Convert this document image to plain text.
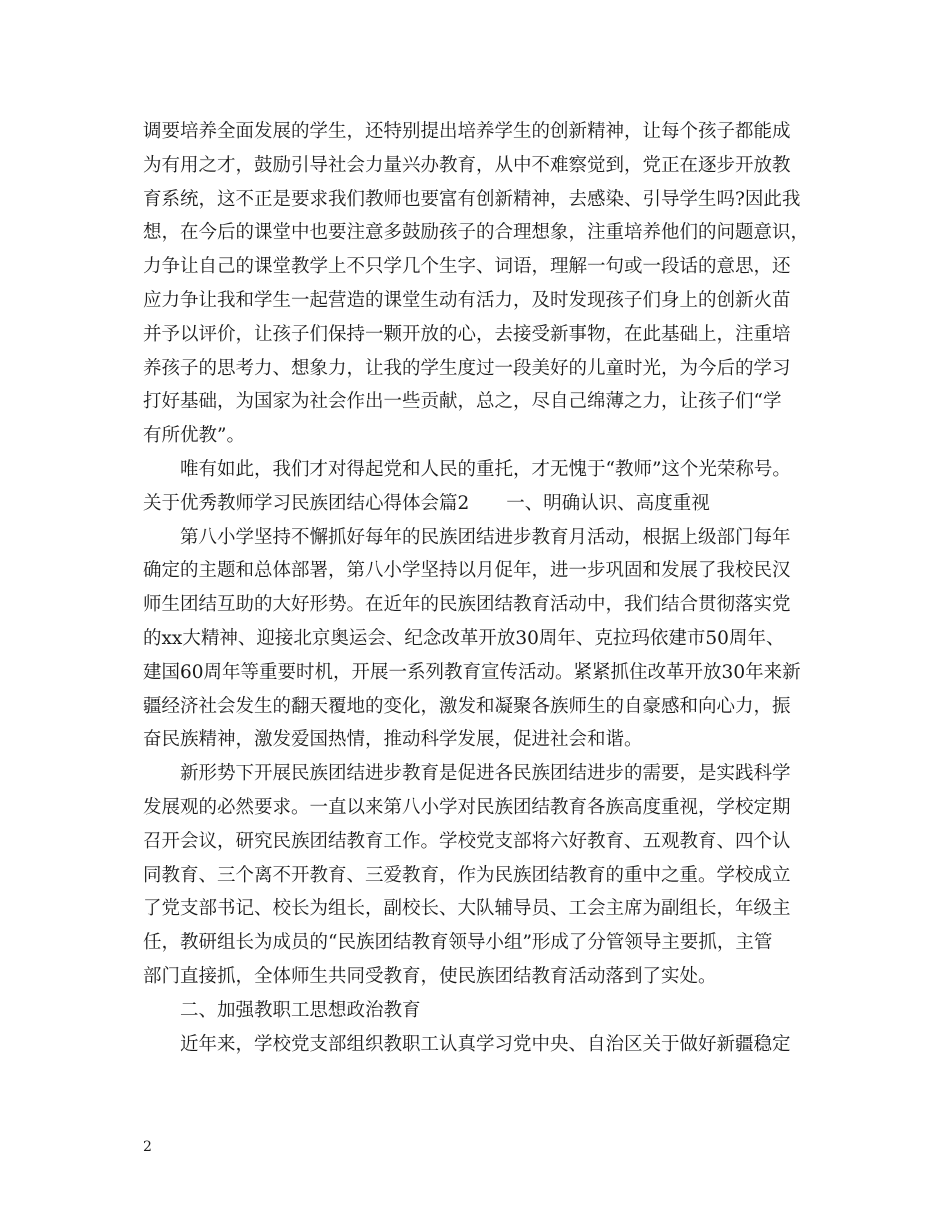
调要培养全面发展的学生，还特别提出培养学生的创新精神，让每个孩子都能成
为有用之才，鼓励引导社会力量兴办教育，从中不难察觉到，党正在逐步开放教
育系统，这不正是要求我们教师也要富有创新精神，去感染、引导学生吗?因此我
想，在今后的课堂中也要注意多鼓励孩子的合理想象，注重培养他们的问题意识，
力争让自己的课堂教学上不只学几个生字、词语，理解一句或一段话的意思，还
应力争让我和学生一起营造的课堂生动有活力，及时发现孩子们身上的创新火苗
并予以评价，让孩子们保持一颗开放的心，去接受新事物，在此基础上，注重培
养孩子的思考力、想象力，让我的学生度过一段美好的儿童时光，为今后的学习
打好基础，为国家为社会作出一些贡献，总之，尽自己绵薄之力，让孩子们“学
有所优教”。
唯有如此，我们才对得起党和人民的重托，才无愧于“教师”这个光荣称号。
关于优秀教师学习民族团结心得体会篇2　　一、明确认识、高度重视
第八小学坚持不懈抓好每年的民族团结进步教育月活动，根据上级部门每年
确定的主题和总体部署，第八小学坚持以月促年，进一步巩固和发展了我校民汉
师生团结互助的大好形势。在近年的民族团结教育活动中，我们结合贯彻落实党
的xx大精神、迎接北京奥运会、纪念改革开放30周年、克拉玛依建市50周年、
建国60周年等重要时机，开展一系列教育宣传活动。紧紧抓住改革开放30年来新
疆经济社会发生的翻天覆地的变化，激发和凝聚各族师生的自豪感和向心力，振
奋民族精神，激发爱国热情，推动科学发展，促进社会和谐。
新形势下开展民族团结进步教育是促进各民族团结进步的需要，是实践科学
发展观的必然要求。一直以来第八小学对民族团结教育各族高度重视，学校定期
召开会议，研究民族团结教育工作。学校党支部将六好教育、五观教育、四个认
同教育、三个离不开教育、三爱教育，作为民族团结教育的重中之重。学校成立
了党支部书记、校长为组长，副校长、大队辅导员、工会主席为副组长，年级主
任，教研组长为成员的“民族团结教育领导小组”形成了分管领导主要抓，主管
部门直接抓，全体师生共同受教育，使民族团结教育活动落到了实处。
二、加强教职工思想政治教育
近年来，学校党支部组织教职工认真学习党中央、自治区关于做好新疆稳定
2
